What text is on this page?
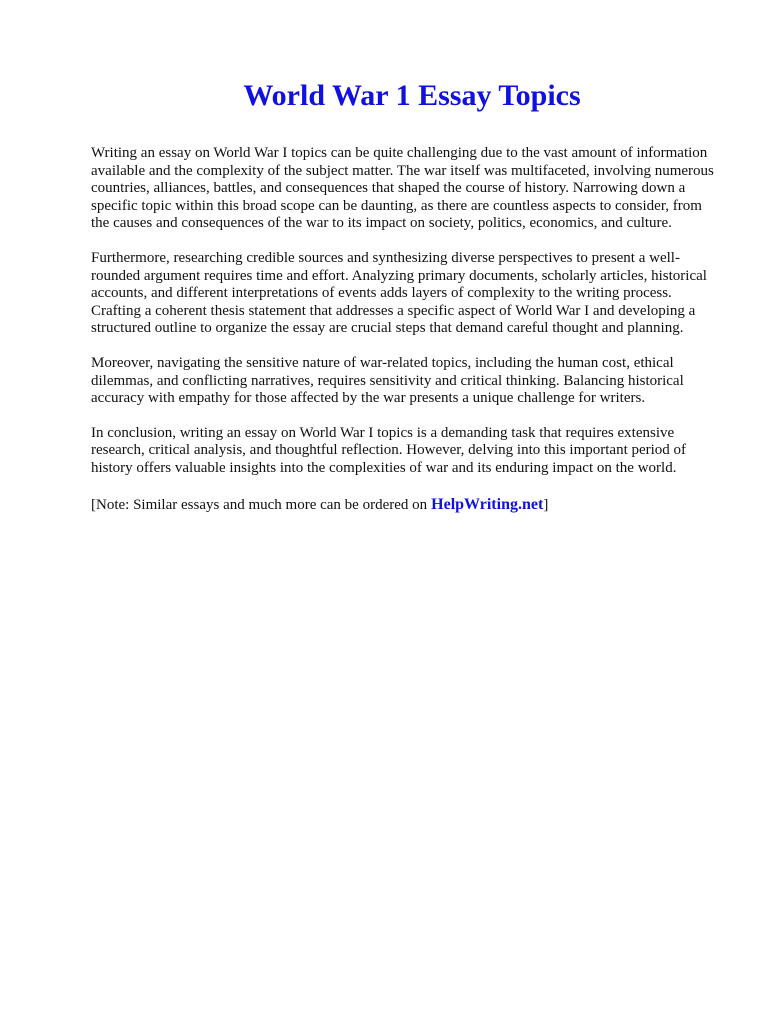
World War 1 Essay Topics

Writing an essay on World War I topics can be quite challenging due to the vast amount of information available and the complexity of the subject matter. The war itself was multifaceted, involving numerous countries, alliances, battles, and consequences that shaped the course of history. Narrowing down a specific topic within this broad scope can be daunting, as there are countless aspects to consider, from the causes and consequences of the war to its impact on society, politics, economics, and culture.

Furthermore, researching credible sources and synthesizing diverse perspectives to present a well-rounded argument requires time and effort. Analyzing primary documents, scholarly articles, historical accounts, and different interpretations of events adds layers of complexity to the writing process. Crafting a coherent thesis statement that addresses a specific aspect of World War I and developing a structured outline to organize the essay are crucial steps that demand careful thought and planning.

Moreover, navigating the sensitive nature of war-related topics, including the human cost, ethical dilemmas, and conflicting narratives, requires sensitivity and critical thinking. Balancing historical accuracy with empathy for those affected by the war presents a unique challenge for writers.

In conclusion, writing an essay on World War I topics is a demanding task that requires extensive research, critical analysis, and thoughtful reflection. However, delving into this important period of history offers valuable insights into the complexities of war and its enduring impact on the world.

[Note: Similar essays and much more can be ordered on HelpWriting.net]
